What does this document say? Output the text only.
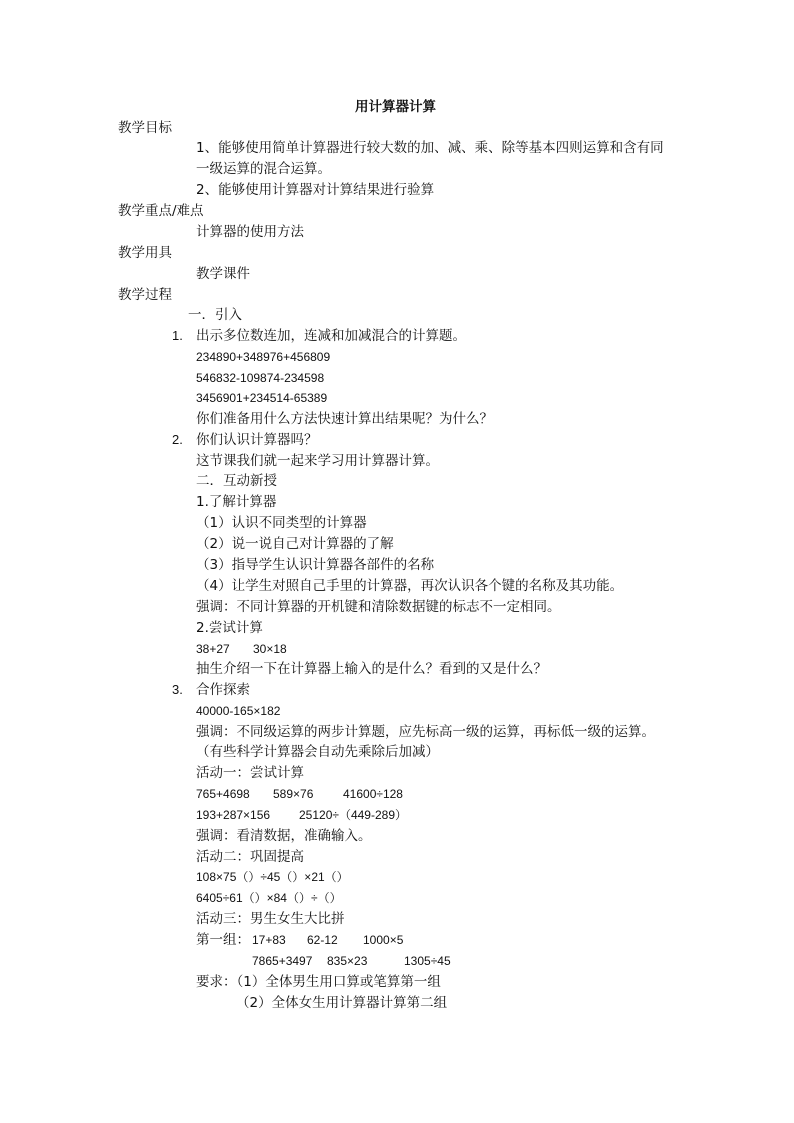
用计算器计算
教学目标
1、能够使用简单计算器进行较大数的加、减、乘、除等基本四则运算和含有同
一级运算的混合运算。
2、能够使用计算器对计算结果进行验算
教学重点/难点
计算器的使用方法
教学用具
教学课件
教学过程
一．引入
1. 出示多位数连加，连减和加减混合的计算题。
234890+348976+456809
546832-109874-234598
3456901+234514-65389
你们准备用什么方法快速计算出结果呢？为什么？
2. 你们认识计算器吗？
这节课我们就一起来学习用计算器计算。
二．互动新授
1.了解计算器
（1）认识不同类型的计算器
（2）说一说自己对计算器的了解
（3）指导学生认识计算器各部件的名称
（4）让学生对照自己手里的计算器，再次认识各个键的名称及其功能。
强调：不同计算器的开机键和清除数据键的标志不一定相同。
2.尝试计算
38+27 30×18
抽生介绍一下在计算器上输入的是什么？看到的又是什么？
3. 合作探索
40000-165×182
强调：不同级运算的两步计算题，应先标高一级的运算，再标低一级的运算。
（有些科学计算器会自动先乘除后加减）
活动一：尝试计算
765+4698 589×76 41600÷128
193+287×156 25120÷（449-289）
强调：看清数据，准确输入。
活动二：巩固提高
108×75（）÷45（）×21（）
6405÷61（）×84（）÷（）
活动三：男生女生大比拼
第一组： 17+83 62-12 1000×5
7865+3497 835×23	1305÷45
要求：（1）全体男生用口算或笔算第一组
（2）全体女生用计算器计算第二组
